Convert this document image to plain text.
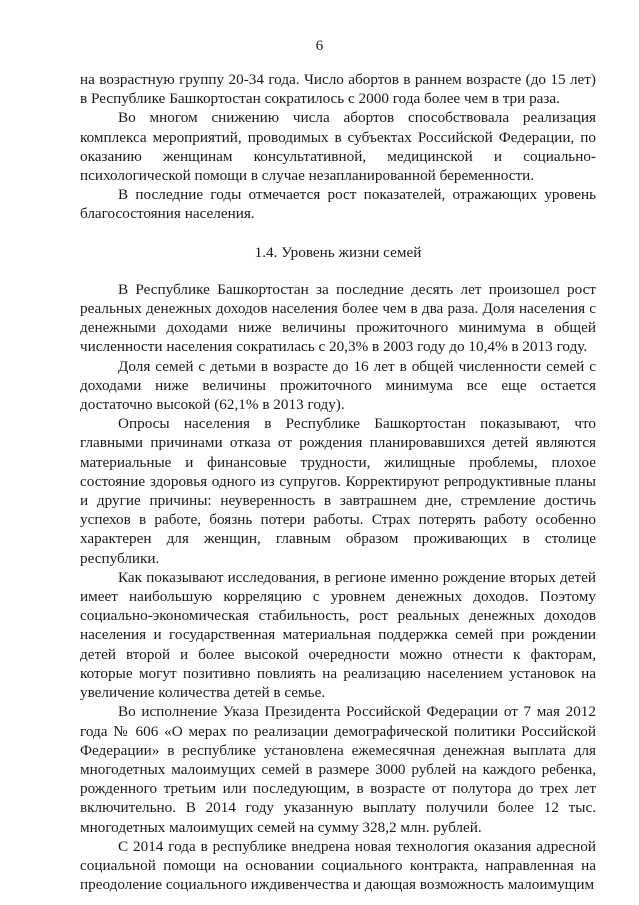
6

на возрастную группу 20-34 года. Число абортов в раннем возрасте (до 15 лет) в Республике Башкортостан сократилось с 2000 года более чем в три раза.

Во многом снижению числа абортов способствовала реализация комплекса мероприятий, проводимых в субъектах Российской Федерации, по оказанию женщинам консультативной, медицинской и социально-психологической помощи в случае незапланированной беременности.

В последние годы отмечается рост показателей, отражающих уровень благосостояния населения.

1.4. Уровень жизни семей

В Республике Башкортостан за последние десять лет произошел рост реальных денежных доходов населения более чем в два раза. Доля населения с денежными доходами ниже величины прожиточного минимума в общей численности населения сократилась с 20,3% в 2003 году до 10,4% в 2013 году.

Доля семей с детьми в возрасте до 16 лет в общей численности семей с доходами ниже величины прожиточного минимума все еще остается достаточно высокой (62,1% в 2013 году).

Опросы населения в Республике Башкортостан показывают, что главными причинами отказа от рождения планировавшихся детей являются материальные и финансовые трудности, жилищные проблемы, плохое состояние здоровья одного из супругов. Корректируют репродуктивные планы и другие причины: неуверенность в завтрашнем дне, стремление достичь успехов в работе, боязнь потери работы. Страх потерять работу особенно характерен для женщин, главным образом проживающих в столице республики.

Как показывают исследования, в регионе именно рождение вторых детей имеет наибольшую корреляцию с уровнем денежных доходов. Поэтому социально-экономическая стабильность, рост реальных денежных доходов населения и государственная материальная поддержка семей при рождении детей второй и более высокой очередности можно отнести к факторам, которые могут позитивно повлиять на реализацию населением установок на увеличение количества детей в семье.

Во исполнение Указа Президента Российской Федерации от 7 мая 2012 года № 606 «О мерах по реализации демографической политики Российской Федерации» в республике установлена ежемесячная денежная выплата для многодетных малоимущих семей в размере 3000 рублей на каждого ребенка, рожденного третьим или последующим, в возрасте от полутора до трех лет включительно. В 2014 году указанную выплату получили более 12 тыс. многодетных малоимущих семей на сумму 328,2 млн. рублей.

С 2014 года в республике внедрена новая технология оказания адресной социальной помощи на основании социального контракта, направленная на преодоление социального иждивенчества и дающая возможность малоимущим
